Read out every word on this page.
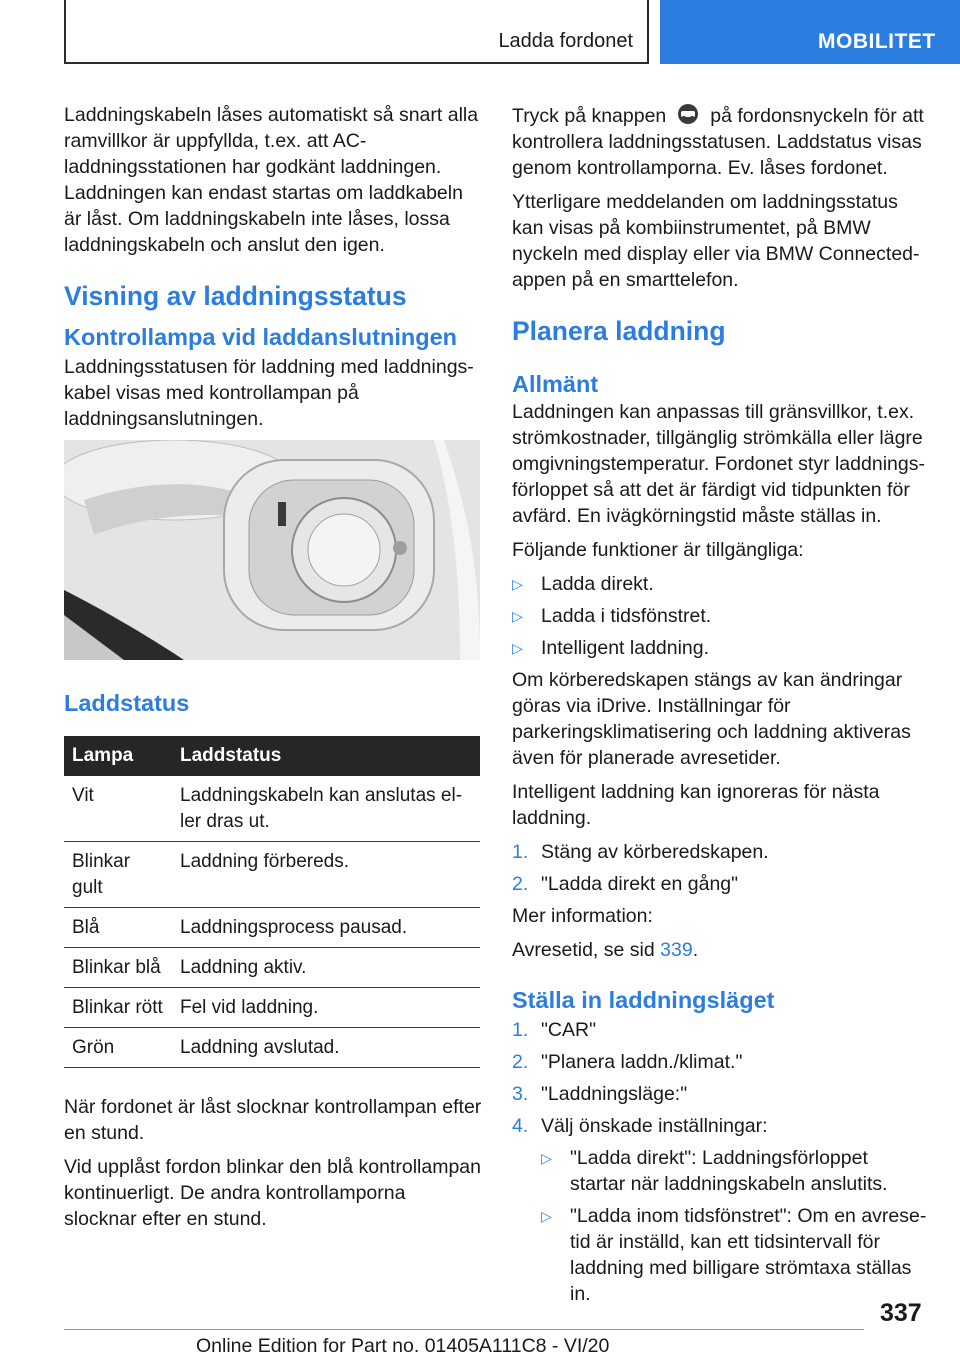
Ladda fordonet	MOBILITET

Laddningskabeln låses automatiskt så snart alla ramvillkor är uppfyllda, t.ex. att AC-laddningsstationen har godkänt laddningen. Laddningen kan endast startas om laddkabeln är låst. Om laddningskabeln inte låses, lossa laddningskabeln och anslut den igen.

Visning av laddningsstatus
Kontrollampa vid laddanslutningen

Laddningsstatusen för laddning med laddningskabel visas med kontrollampan på laddningsanslutningen.

Laddstatus
Lampa	Laddstatus
Vit	Laddningskabeln kan anslutas eller dras ut.
Blinkar gult	Laddning förbereds.
Blå	Laddningsprocess pausad.
Blinkar blå	Laddning aktiv.
Blinkar rött	Fel vid laddning.
Grön	Laddning avslutad.

När fordonet är låst slocknar kontrollampan efter en stund.

Vid upplåst fordon blinkar den blå kontrollampan kontinuerligt. De andra kontrollamporna slocknar efter en stund.

Tryck på knappen på fordonsnyckeln för att kontrollera laddningsstatusen. Laddstatus visas genom kontrollamporna. Ev. låses fordonet.

Ytterligare meddelanden om laddningsstatus kan visas på kombiinstrumentet, på BMW nyckeln med display eller via BMW Connected-appen på en smarttelefon.

Planera laddning
Allmänt

Laddningen kan anpassas till gränsvillkor, t.ex. strömkostnader, tillgänglig strömkälla eller lägre omgivningstemperatur. Fordonet styr laddningsförloppet så att det är färdigt vid tidpunkten för avfärd. En ivägkörningstid måste ställas in.

Följande funktioner är tillgängliga:

▷ Ladda direkt.
▷ Ladda i tidsfönstret.
▷ Intelligent laddning.

Om körberedskapen stängs av kan ändringar göras via iDrive. Inställningar för parkeringsklimatisering och laddning aktiveras även för planerade avresetider.

Intelligent laddning kan ignoreras för nästa laddning.

1. Stäng av körberedskapen.
2. "Ladda direkt en gång"

Mer information:

Avresetid, se sid 339.

Ställa in laddningsläget
1. "CAR"
2. "Planera laddn./klimat."
3. "Laddningsläge:"
4. Välj önskade inställningar:
▷ "Ladda direkt": Laddningsförloppet startar när laddningskabeln anslutits.
▷ "Ladda inom tidsfönstret": Om en avresetid är inställd, kan ett tidsintervall för laddning med billigare strömtaxa ställas in.
337
Online Edition for Part no. 01405A111C8 - VI/20
